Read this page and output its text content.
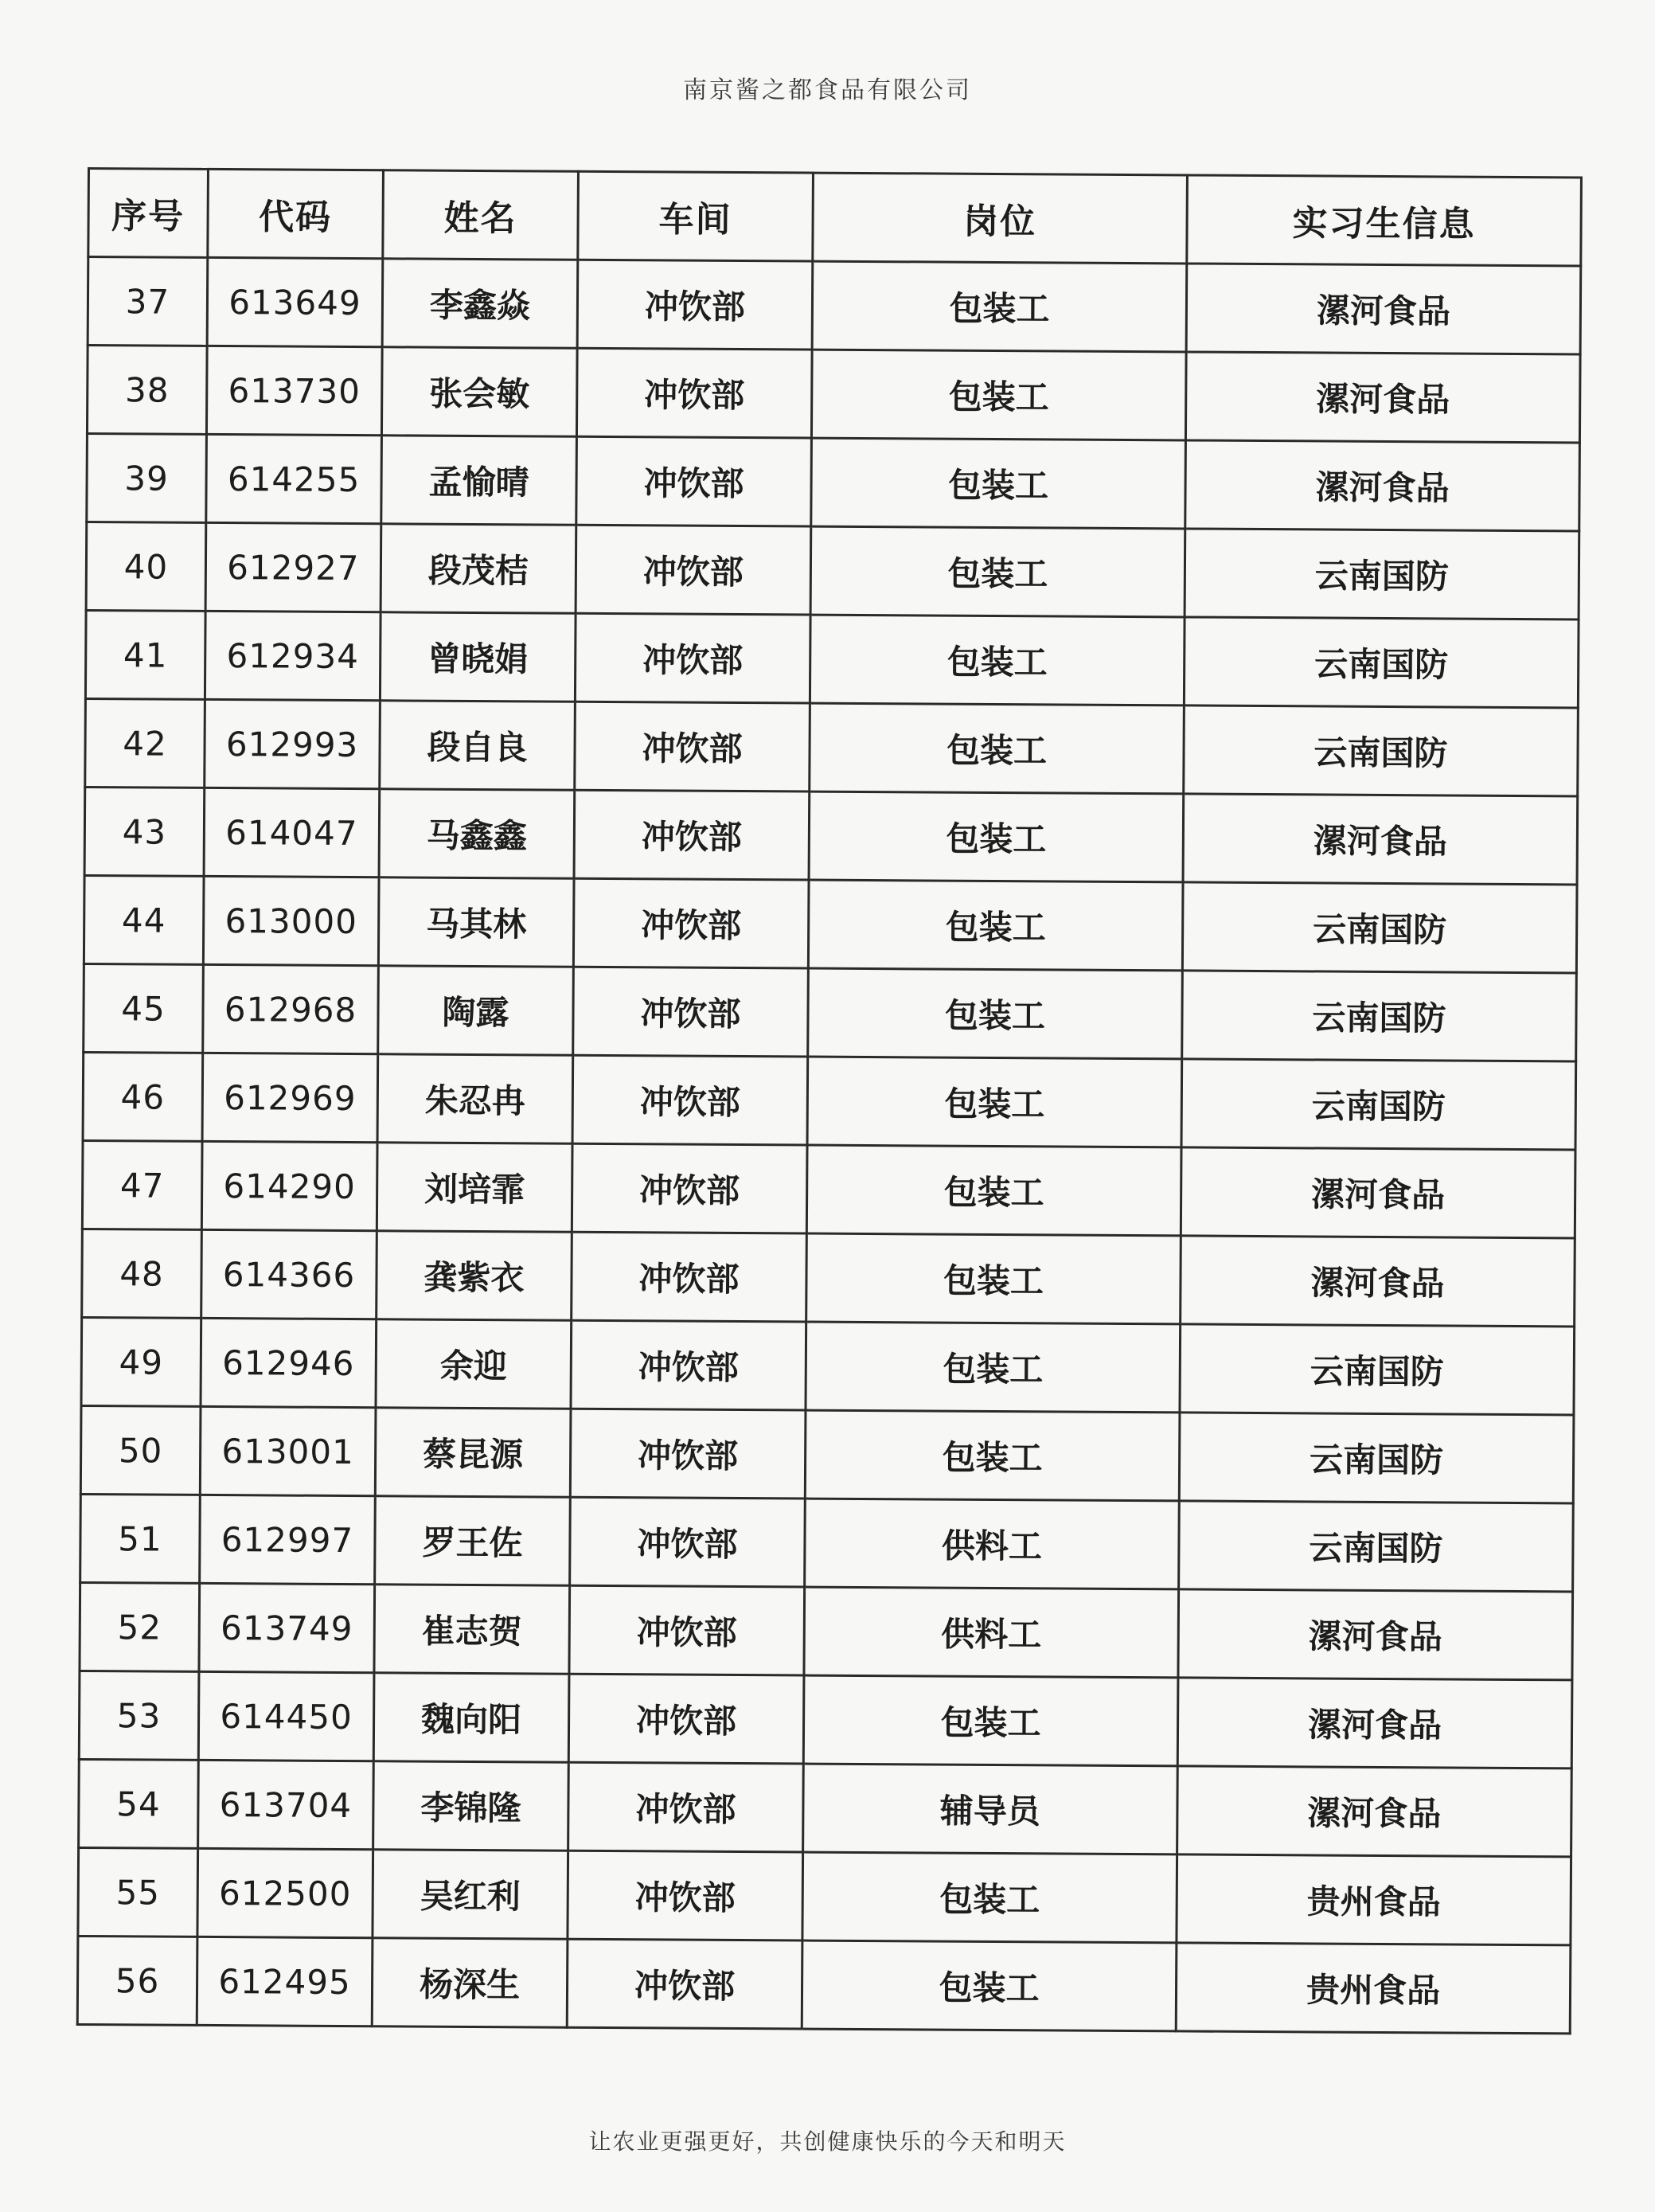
南京酱之都食品有限公司
序号	代码	姓名	车间	岗位	实习生信息
37	613649	李鑫焱	冲饮部	包装工	漯河食品
38	613730	张会敏	冲饮部	包装工	漯河食品
39	614255	孟愉晴	冲饮部	包装工	漯河食品
40	612927	段茂桔	冲饮部	包装工	云南国防
41	612934	曾晓娟	冲饮部	包装工	云南国防
42	612993	段自良	冲饮部	包装工	云南国防
43	614047	马鑫鑫	冲饮部	包装工	漯河食品
44	613000	马其林	冲饮部	包装工	云南国防
45	612968	陶露	冲饮部	包装工	云南国防
46	612969	朱忍冉	冲饮部	包装工	云南国防
47	614290	刘培霏	冲饮部	包装工	漯河食品
48	614366	龚紫衣	冲饮部	包装工	漯河食品
49	612946	余迎	冲饮部	包装工	云南国防
50	613001	蔡昆源	冲饮部	包装工	云南国防
51	612997	罗王佐	冲饮部	供料工	云南国防
52	613749	崔志贺	冲饮部	供料工	漯河食品
53	614450	魏向阳	冲饮部	包装工	漯河食品
54	613704	李锦隆	冲饮部	辅导员	漯河食品
55	612500	吴红利	冲饮部	包装工	贵州食品
56	612495	杨深生	冲饮部	包装工	贵州食品
让农业更强更好，共创健康快乐的今天和明天
